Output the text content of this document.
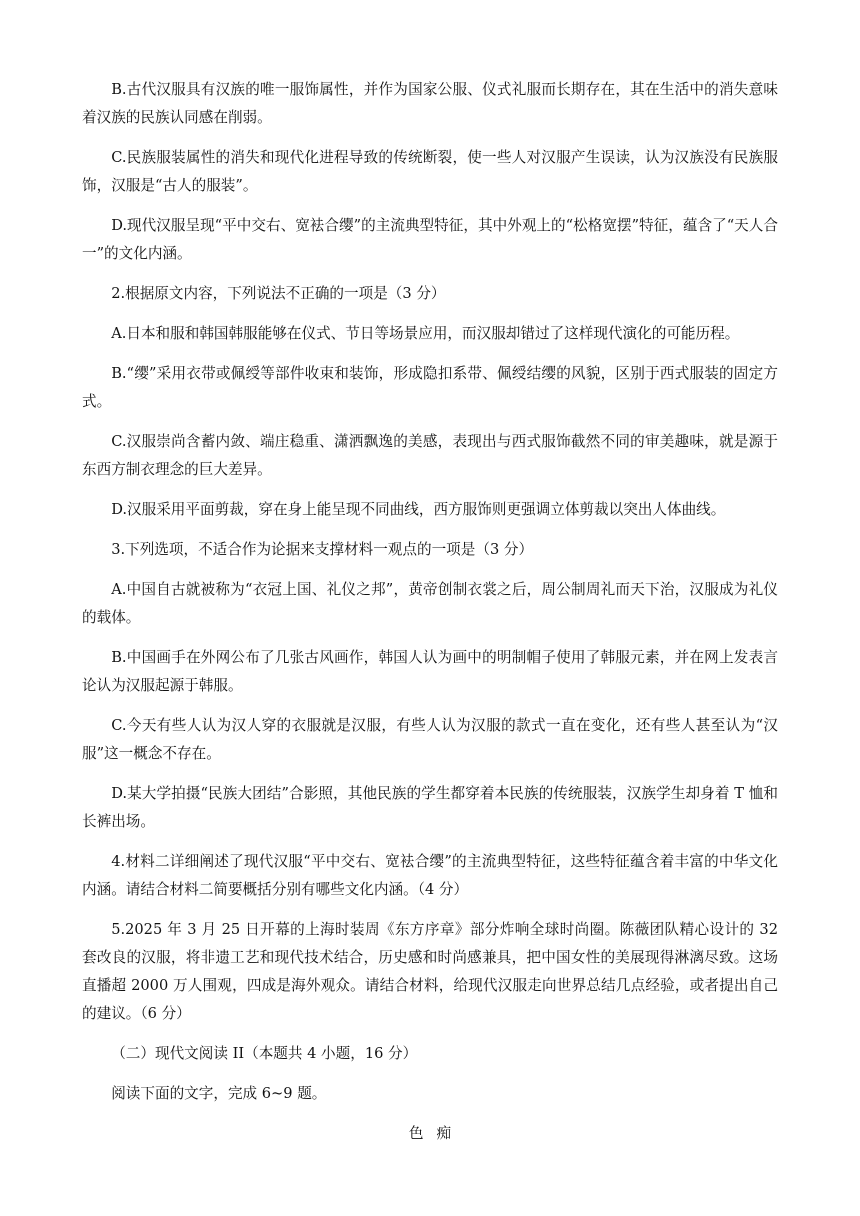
B.古代汉服具有汉族的唯一服饰属性，并作为国家公服、仪式礼服而长期存在，其在生活中的消失意味着汉族的民族认同感在削弱。

C.民族服装属性的消失和现代化进程导致的传统断裂，使一些人对汉服产生误读，认为汉族没有民族服饰，汉服是“古人的服装”。

D.现代汉服呈现“平中交右、宽袪合缨”的主流典型特征，其中外观上的“松格宽摆”特征，蕴含了“天人合一”的文化内涵。

2.根据原文内容，下列说法不正确的一项是（3 分）

A.日本和服和韩国韩服能够在仪式、节日等场景应用，而汉服却错过了这样现代演化的可能历程。

B.“缨”采用衣带或佩绶等部件收束和装饰，形成隐扣系带、佩绶结缨的风貌，区别于西式服装的固定方式。

C.汉服崇尚含蓄内敛、端庄稳重、潇洒飘逸的美感，表现出与西式服饰截然不同的审美趣味，就是源于东西方制衣理念的巨大差异。

D.汉服采用平面剪裁，穿在身上能呈现不同曲线，西方服饰则更强调立体剪裁以突出人体曲线。

3.下列选项，不适合作为论据来支撑材料一观点的一项是（3 分）

A.中国自古就被称为“衣冠上国、礼仪之邦”，黄帝创制衣裳之后，周公制周礼而天下治，汉服成为礼仪的载体。

B.中国画手在外网公布了几张古风画作，韩国人认为画中的明制帽子使用了韩服元素，并在网上发表言论认为汉服起源于韩服。

C.今天有些人认为汉人穿的衣服就是汉服，有些人认为汉服的款式一直在变化，还有些人甚至认为“汉服”这一概念不存在。

D.某大学拍摄“民族大团结”合影照，其他民族的学生都穿着本民族的传统服装，汉族学生却身着 T 恤和长裤出场。

4.材料二详细阐述了现代汉服“平中交右、宽袪合缨”的主流典型特征，这些特征蕴含着丰富的中华文化内涵。请结合材料二简要概括分别有哪些文化内涵。（4 分）

5.2025 年 3 月 25 日开幕的上海时装周《东方序章》部分炸响全球时尚圈。陈薇团队精心设计的 32 套改良的汉服，将非遗工艺和现代技术结合，历史感和时尚感兼具，把中国女性的美展现得淋漓尽致。这场直播超 2000 万人围观，四成是海外观众。请结合材料，给现代汉服走向世界总结几点经验，或者提出自己的建议。（6 分）

（二）现代文阅读 II（本题共 4 小题，16 分）

阅读下面的文字，完成 6~9 题。

色痴
